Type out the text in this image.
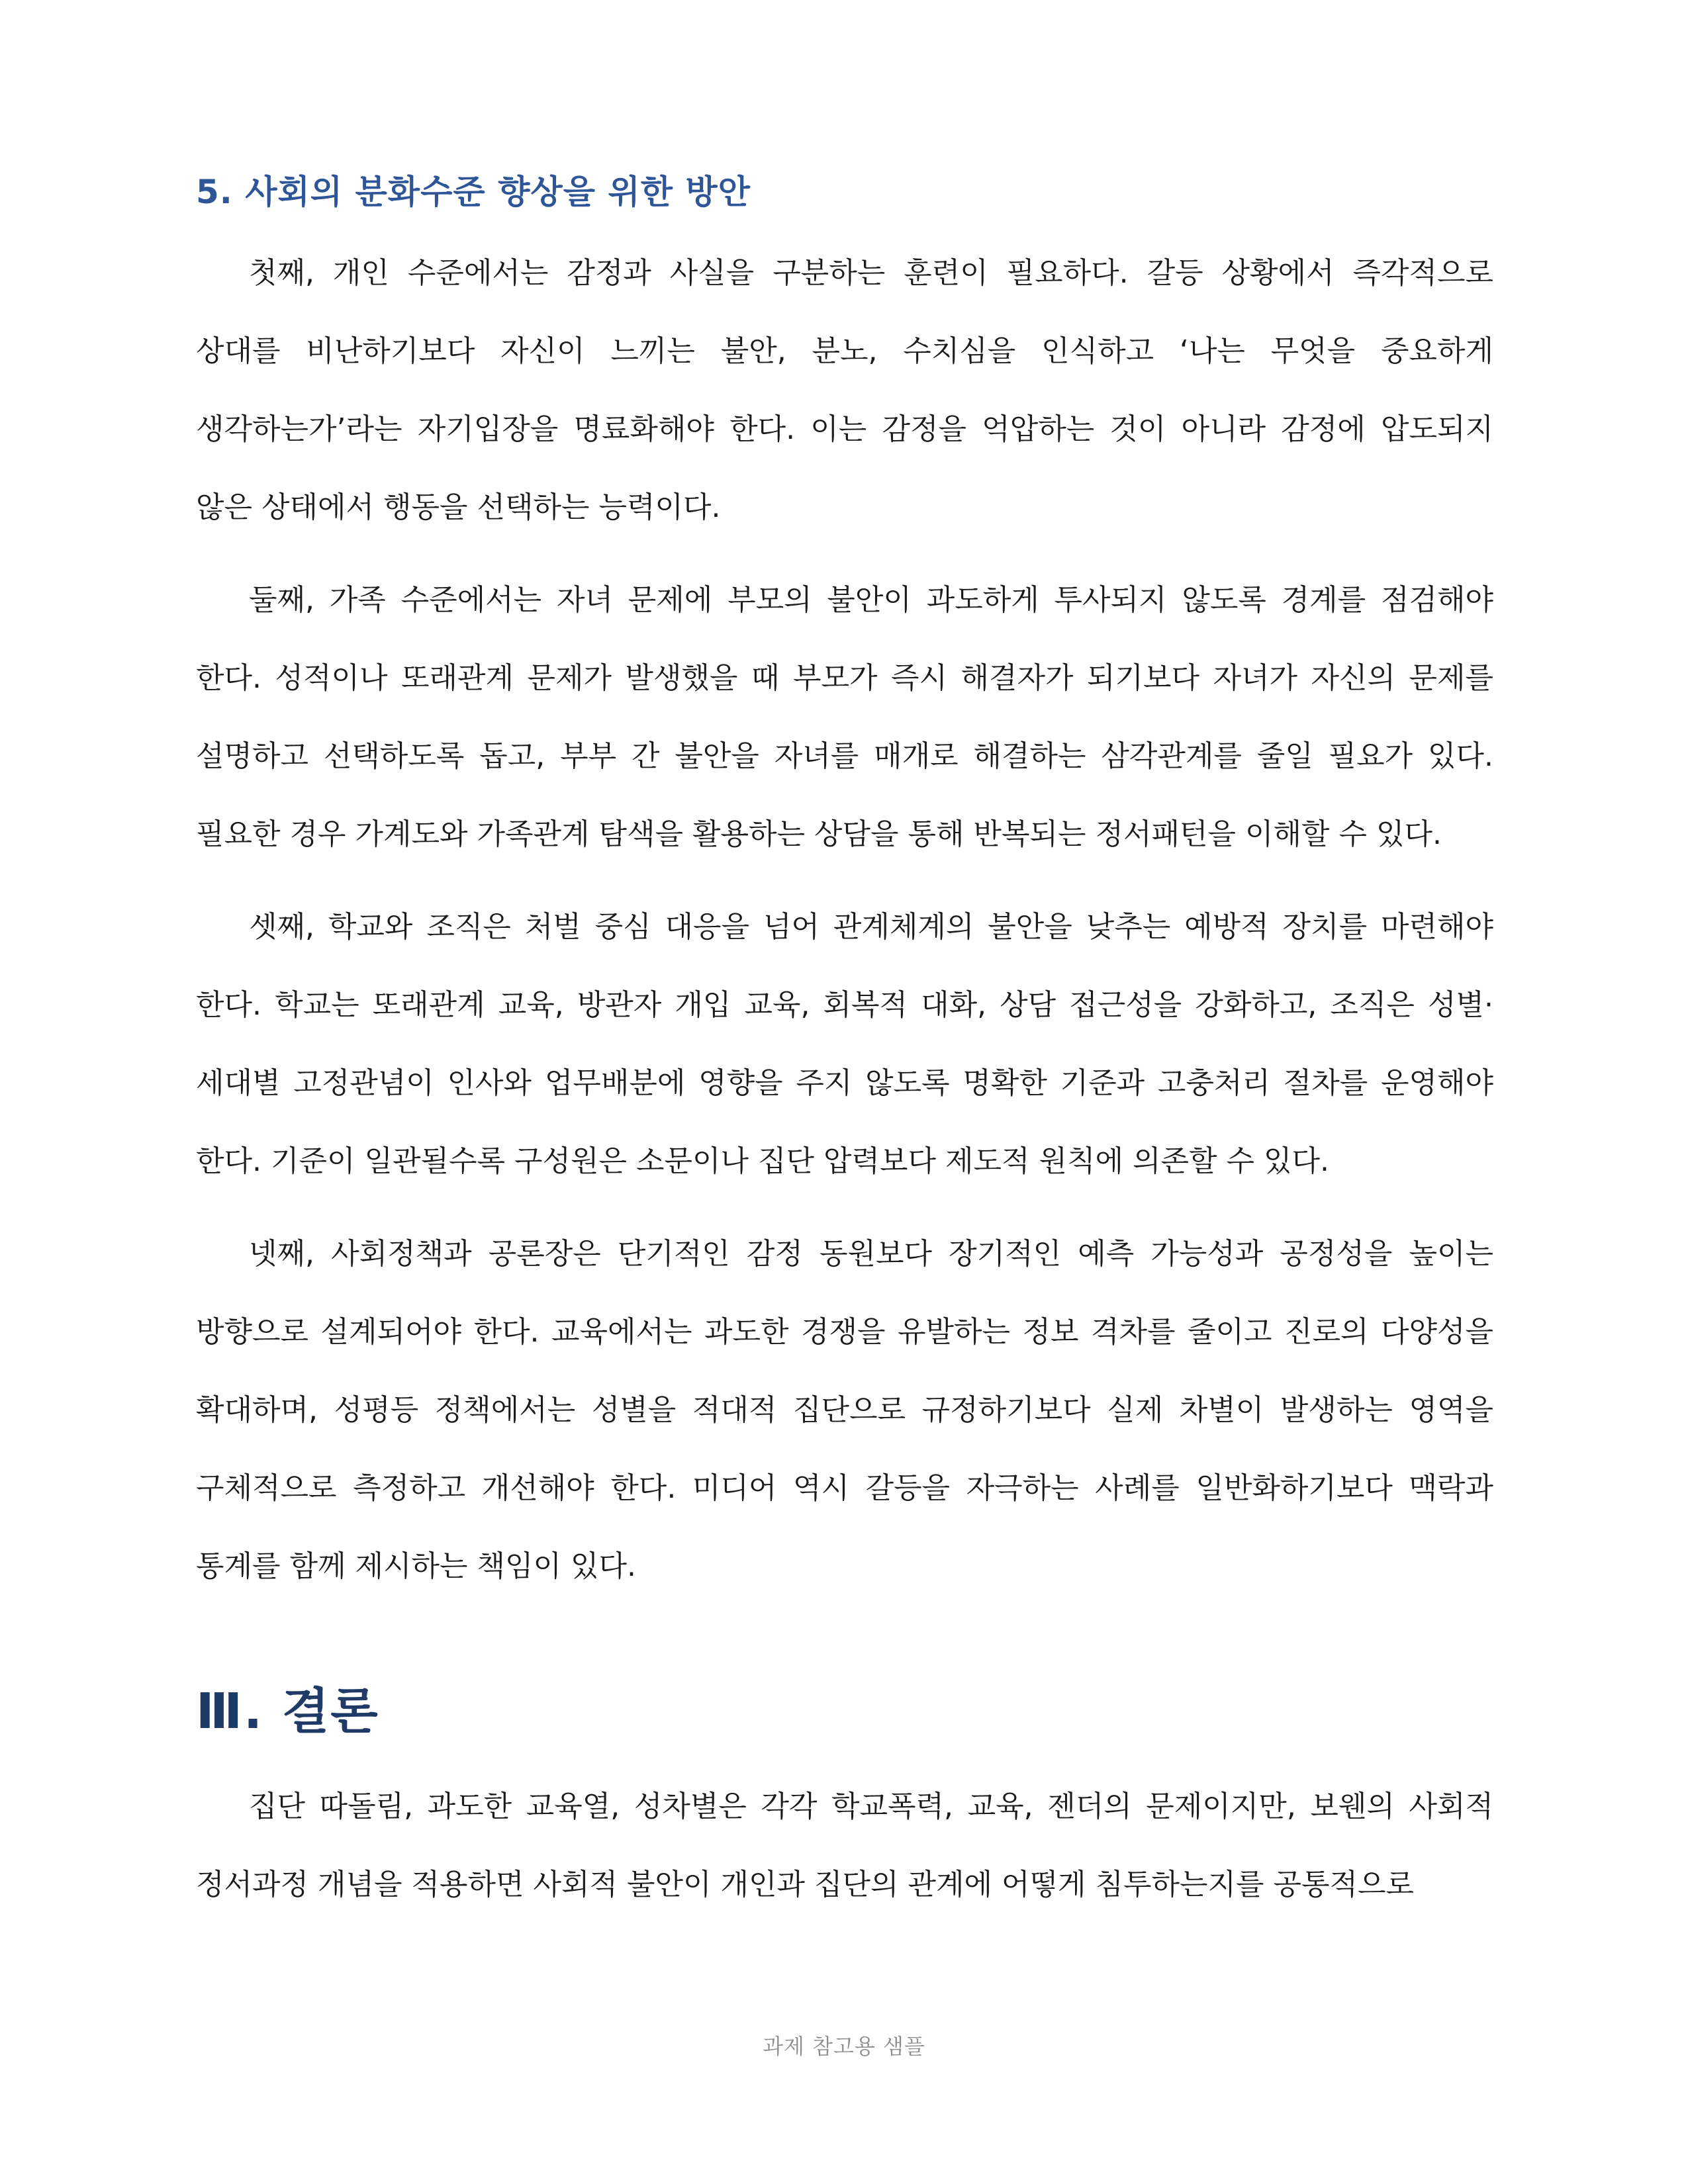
5. 사회의 분화수준 향상을 위한 방안

첫째, 개인 수준에서는 감정과 사실을 구분하는 훈련이 필요하다. 갈등 상황에서 즉각적으로 상대를 비난하기보다 자신이 느끼는 불안, 분노, 수치심을 인식하고 ‘나는 무엇을 중요하게 생각하는가’라는 자기입장을 명료화해야 한다. 이는 감정을 억압하는 것이 아니라 감정에 압도되지 않은 상태에서 행동을 선택하는 능력이다.

둘째, 가족 수준에서는 자녀 문제에 부모의 불안이 과도하게 투사되지 않도록 경계를 점검해야 한다. 성적이나 또래관계 문제가 발생했을 때 부모가 즉시 해결자가 되기보다 자녀가 자신의 문제를 설명하고 선택하도록 돕고, 부부 간 불안을 자녀를 매개로 해결하는 삼각관계를 줄일 필요가 있다. 필요한 경우 가계도와 가족관계 탐색을 활용하는 상담을 통해 반복되는 정서패턴을 이해할 수 있다.

셋째, 학교와 조직은 처벌 중심 대응을 넘어 관계체계의 불안을 낮추는 예방적 장치를 마련해야 한다. 학교는 또래관계 교육, 방관자 개입 교육, 회복적 대화, 상담 접근성을 강화하고, 조직은 성별·세대별 고정관념이 인사와 업무배분에 영향을 주지 않도록 명확한 기준과 고충처리 절차를 운영해야 한다. 기준이 일관될수록 구성원은 소문이나 집단 압력보다 제도적 원칙에 의존할 수 있다.

넷째, 사회정책과 공론장은 단기적인 감정 동원보다 장기적인 예측 가능성과 공정성을 높이는 방향으로 설계되어야 한다. 교육에서는 과도한 경쟁을 유발하는 정보 격차를 줄이고 진로의 다양성을 확대하며, 성평등 정책에서는 성별을 적대적 집단으로 규정하기보다 실제 차별이 발생하는 영역을 구체적으로 측정하고 개선해야 한다. 미디어 역시 갈등을 자극하는 사례를 일반화하기보다 맥락과 통계를 함께 제시하는 책임이 있다.

Ⅲ. 결론

집단 따돌림, 과도한 교육열, 성차별은 각각 학교폭력, 교육, 젠더의 문제이지만, 보웬의 사회적 정서과정 개념을 적용하면 사회적 불안이 개인과 집단의 관계에 어떻게 침투하는지를 공통적으로

과제 참고용 샘플
